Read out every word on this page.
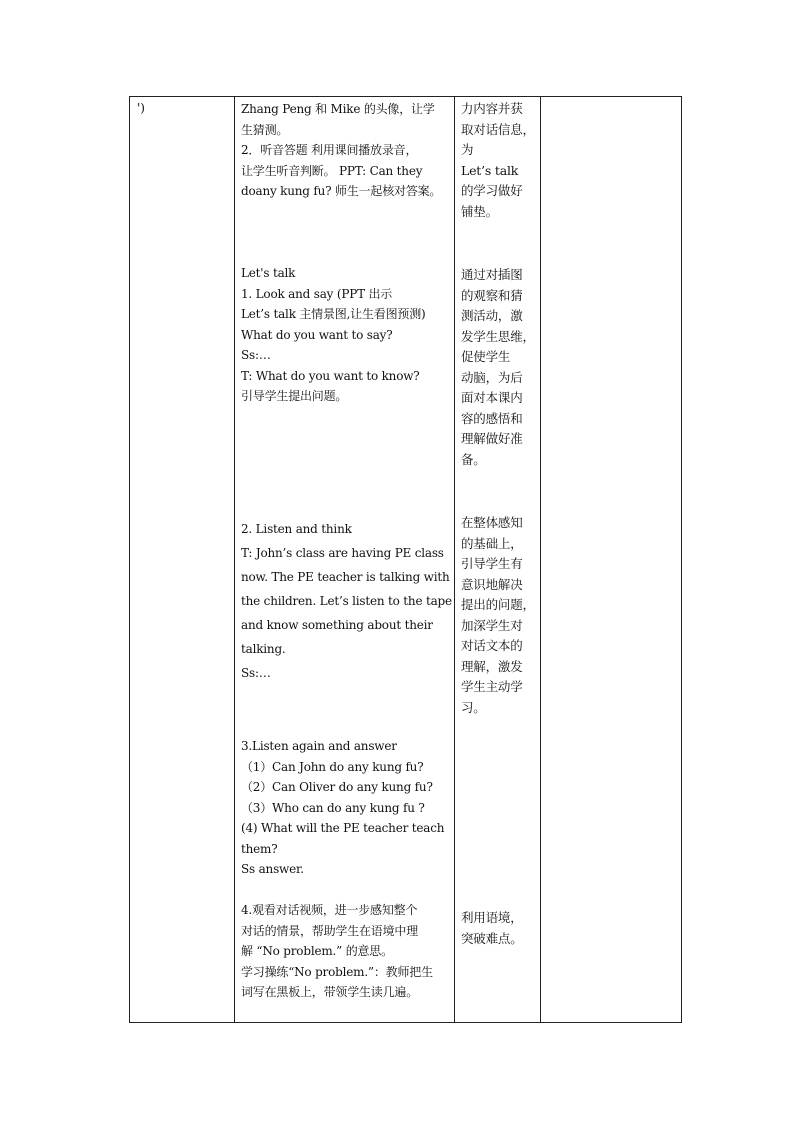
')	Zhang Peng 和 Mike 的头像，让学
生猜测。
2．听音答题 利用课间播放录音，
让学生听音判断。 PPT: Can they
doany kung fu? 师生一起核对答案。
Let's talk
1. Look and say (PPT 出示
Let’s talk 主情景图,让生看图预测)
What do you want to say?
Ss:…
T: What do you want to know?
引导学生提出问题。
2. Listen and think
T: John’s class are having PE class
now. The PE teacher is talking with
the children. Let’s listen to the tape
and know something about their
talking.
Ss:…
3.Listen again and answer
（1）Can John do any kung fu?
（2）Can Oliver do any kung fu?
（3）Who can do any kung fu ?
(4) What will the PE teacher teach
them?
Ss answer.
4.观看对话视频，进一步感知整个
对话的情景，帮助学生在语境中理
解 “No problem.” 的意思。
学习操练“No problem.”：教师把生
词写在黑板上，带领学生读几遍。
力内容并获
取对话信息，
为
Let’s talk
的学习做好
铺垫。
通过对插图
的观察和猜
测活动，激
发学生思维，
促使学生
动脑，为后
面对本课内
容的感悟和
理解做好准
备。
在整体感知
的基础上，
引导学生有
意识地解决
提出的问题，
加深学生对
对话文本的
理解，激发
学生主动学
习。
利用语境，
突破难点。
